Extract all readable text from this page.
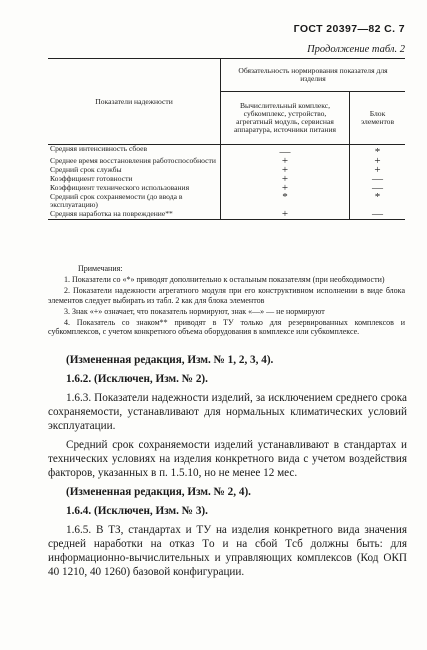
ГОСТ 20397—82 С. 7
Продолжение табл. 2
Показатели надежности	Обязательность нормирования показателя для изделия	
	Вычислительный комплекс, субкомплекс, устройство, агрегатный модуль, сервисная аппаратура, источники питания	Блок элементов
Средняя интенсивность сбоев	—	*
Среднее время восстановления работоспособности	+	+
Средний срок службы	+	+
Коэффициент готовности	+	—
Коэффициент технического использования	+	—
Средний срок сохраняемости (до ввода в эксплуатацию)	*	*
Средняя наработка на повреждение**	+	—

Примечания:

1. Показатели со «*» приводят дополнительно к остальным показателям (при необходимости)

2. Показатели надежности агрегатного модуля при его конструктивном исполнении в виде блока элементов следует выбирать из табл. 2 как для блока элементов

3. Знак «+» означает, что показатель нормируют, знак «—» — не нормируют

4. Показатель со знаком** приводят в ТУ только для резервированных комплексов и субкомплексов, с учетом конкретного объема оборудования в комплексе или субкомплексе.

(Измененная редакция, Изм. № 1, 2, 3, 4).

1.6.2. (Исключен, Изм. № 2).

1.6.3. Показатели надежности изделий, за исключением среднего срока сохраняемости, устанавливают для нормальных климатических условий эксплуатации.

Средний срок сохраняемости изделий устанавливают в стандартах и технических условиях на изделия конкретного вида с учетом воздействия факторов, указанных в п. 1.5.10, но не менее 12 мес.

(Измененная редакция, Изм. № 2, 4).

1.6.4. (Исключен, Изм. № 3).

1.6.5. В ТЗ, стандартах и ТУ на изделия конкретного вида значения средней наработки на отказ Tо и на сбой Tсб должны быть: для информационно-вычислительных и управляющих комплексов (Код ОКП 40 1210, 40 1260) базовой конфигурации.
